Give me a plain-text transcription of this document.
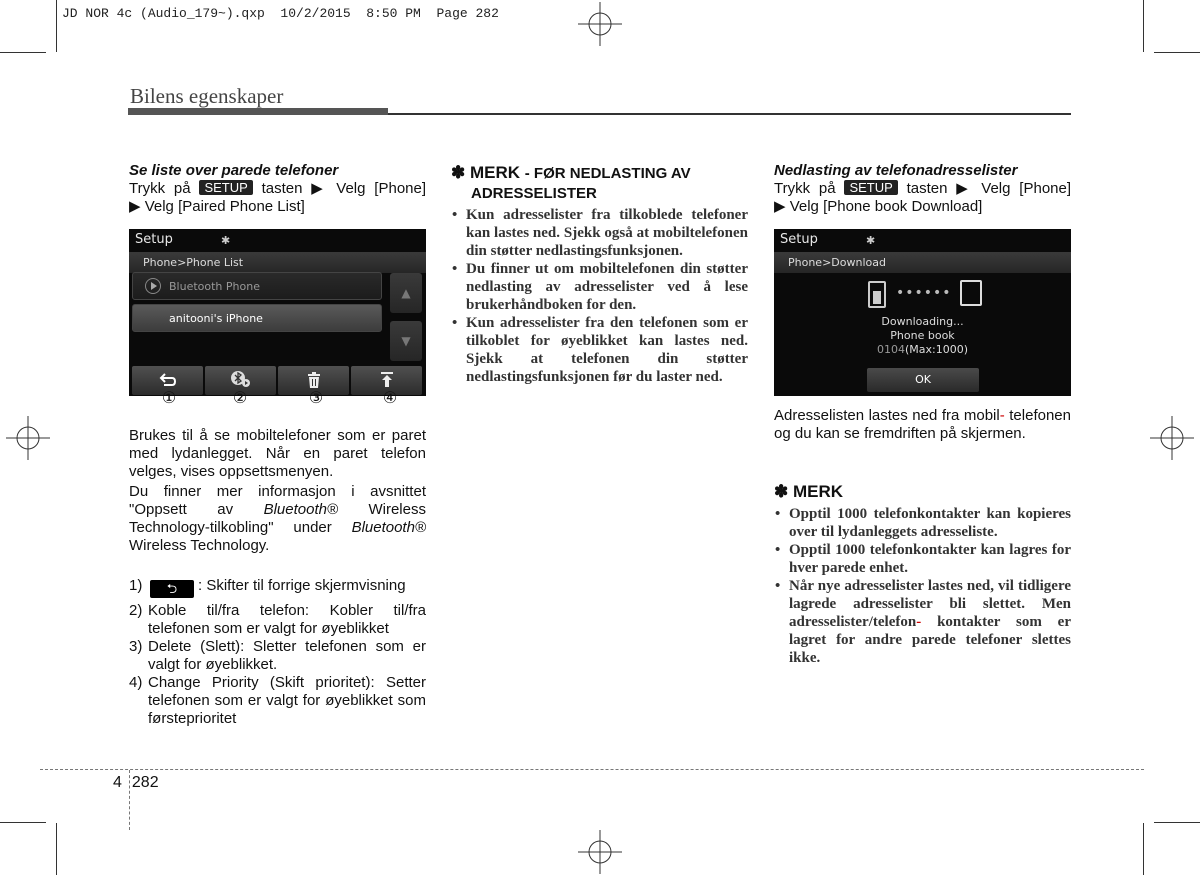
JD NOR 4c (Audio_179~).qxp  10/2/2015  8:50 PM  Page 282
Bilens egenskaper

Se liste over parede telefoner

Trykk på SETUP tasten ▶ Velg [Phone]

▶ Velg [Paired Phone List]

Setup	✱
Phone>Phone List
Bluetooth Phone
anitooni's iPhone
▲
▼
①	②	③	④

Brukes til å se mobiltelefoner som er paret med lydanlegget. Når en paret telefon velges, vises oppsettsmenyen.

Du finner mer informasjon i avsnittet "Oppsett av Bluetooth® Wireless Technology-tilkobling" under Bluetooth® Wireless Technology.

1) ⮌ : Skifter til forrige skjermvisning
2) Koble til/fra telefon: Kobler til/fra telefonen som er valgt for øyeblikket
3) Delete (Slett): Sletter telefonen som er valgt for øyeblikket.
4) Change Priority (Skift prioritet): Setter telefonen som er valgt for øyeblikket som førsteprioritet

✽ MERK - FØR NEDLASTING AV

ADRESSELISTER

• Kun adresselister fra tilkoblede telefoner kan lastes ned. Sjekk også at mobiltelefonen din støtter nedlastingsfunksjonen.
• Du finner ut om mobiltelefonen din støtter nedlasting av adresselister ved å lese brukerhåndboken for den.
• Kun adresselister fra den telefonen som er tilkoblet for øyeblikket kan lastes ned. Sjekk at telefonen din støtter nedlastingsfunksjonen før du laster ned.

Nedlasting av telefonadresselister

Trykk på SETUP tasten ▶ Velg [Phone]

▶ Velg [Phone book Download]

Setup	✱
Phone>Download
••••••
Downloading...
Phone book
0104(Max:1000)
OK

Adresselisten lastes ned fra mobil- telefonen og du kan se fremdriften på skjermen.

✽ MERK

• Opptil 1000 telefonkontakter kan kopieres over til lydanleggets adresseliste.
• Opptil 1000 telefonkontakter kan lagres for hver parede enhet.
• Når nye adresselister lastes ned, vil tidligere lagrede adresselister bli slettet. Men adresselister/telefon- kontakter som er lagret for andre parede telefoner slettes ikke.
4 282
